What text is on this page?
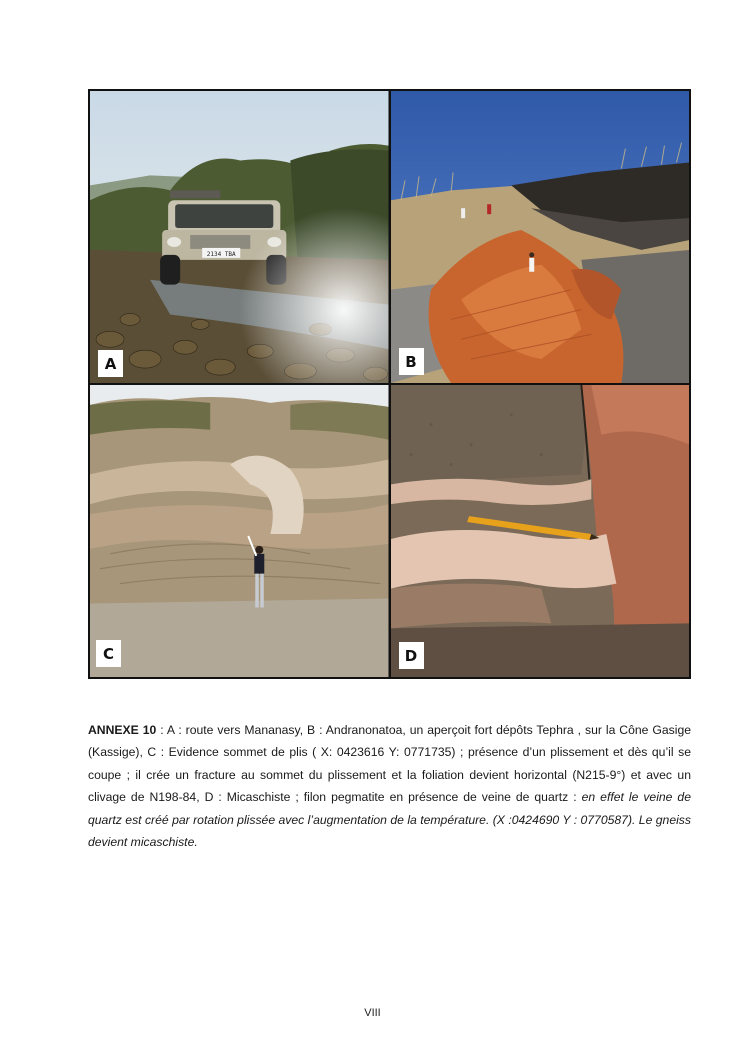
A	B
C	D
ANNEXE 10 : A : route vers Mananasy, B : Andranonatoa, un aperçoit fort dépôts Tephra , sur la Cône Gasige (Kassige), C : Evidence sommet de plis ( X: 0423616 Y: 0771735) ; présence d’un plissement et dès qu’il se coupe ; il crée un fracture au sommet du plissement et la foliation devient horizontal (N215-9°) et avec un clivage de N198-84, D : Micaschiste ; filon pegmatite en présence de veine de quartz : en effet le veine de quartz est créé par rotation plissée avec l’augmentation de la température. (X :0424690 Y : 0770587). Le gneiss devient micaschiste.
VIII
